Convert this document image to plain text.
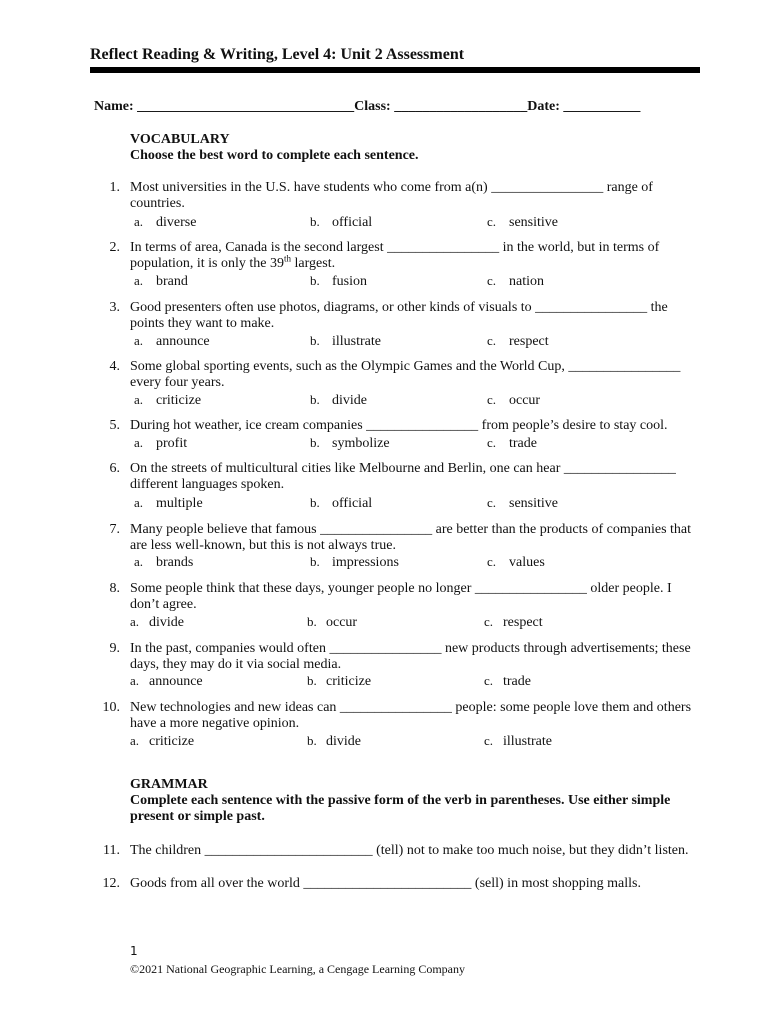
Reflect Reading & Writing, Level 4: Unit 2 Assessment
Name: _______________________________Class: ___________________Date: ___________
VOCABULARY
Choose the best word to complete each sentence.
1. Most universities in the U.S. have students who come from a(n) ________________ range of countries.
a. diverse	b. official	c. sensitive
2. In terms of area, Canada is the second largest ________________ in the world, but in terms of population, it is only the 39th largest.
a. brand	b. fusion	c. nation
3. Good presenters often use photos, diagrams, or other kinds of visuals to ________________ the points they want to make.
a. announce	b. illustrate	c. respect
4. Some global sporting events, such as the Olympic Games and the World Cup, ________________ every four years.
a. criticize	b. divide	c. occur
5. During hot weather, ice cream companies ________________ from people’s desire to stay cool.
a. profit	b. symbolize	c. trade
6. On the streets of multicultural cities like Melbourne and Berlin, one can hear ________________ different languages spoken.
a. multiple	b. official	c. sensitive
7. Many people believe that famous ________________ are better than the products of companies that are less well-known, but this is not always true.
a. brands	b. impressions	c. values
8. Some people think that these days, younger people no longer ________________ older people. I don’t agree.
a. divide	b. occur	c. respect
9. In the past, companies would often ________________ new products through advertisements; these days, they may do it via social media.
a. announce	b. criticize	c. trade
10. New technologies and new ideas can ________________ people: some people love them and others have a more negative opinion.
a. criticize	b. divide	c. illustrate
GRAMMAR
Complete each sentence with the passive form of the verb in parentheses. Use either simple present or simple past.
11. The children ________________________ (tell) not to make too much noise, but they didn’t listen.
12. Goods from all over the world ________________________ (sell) in most shopping malls.
1
©2021 National Geographic Learning, a Cengage Learning Company
